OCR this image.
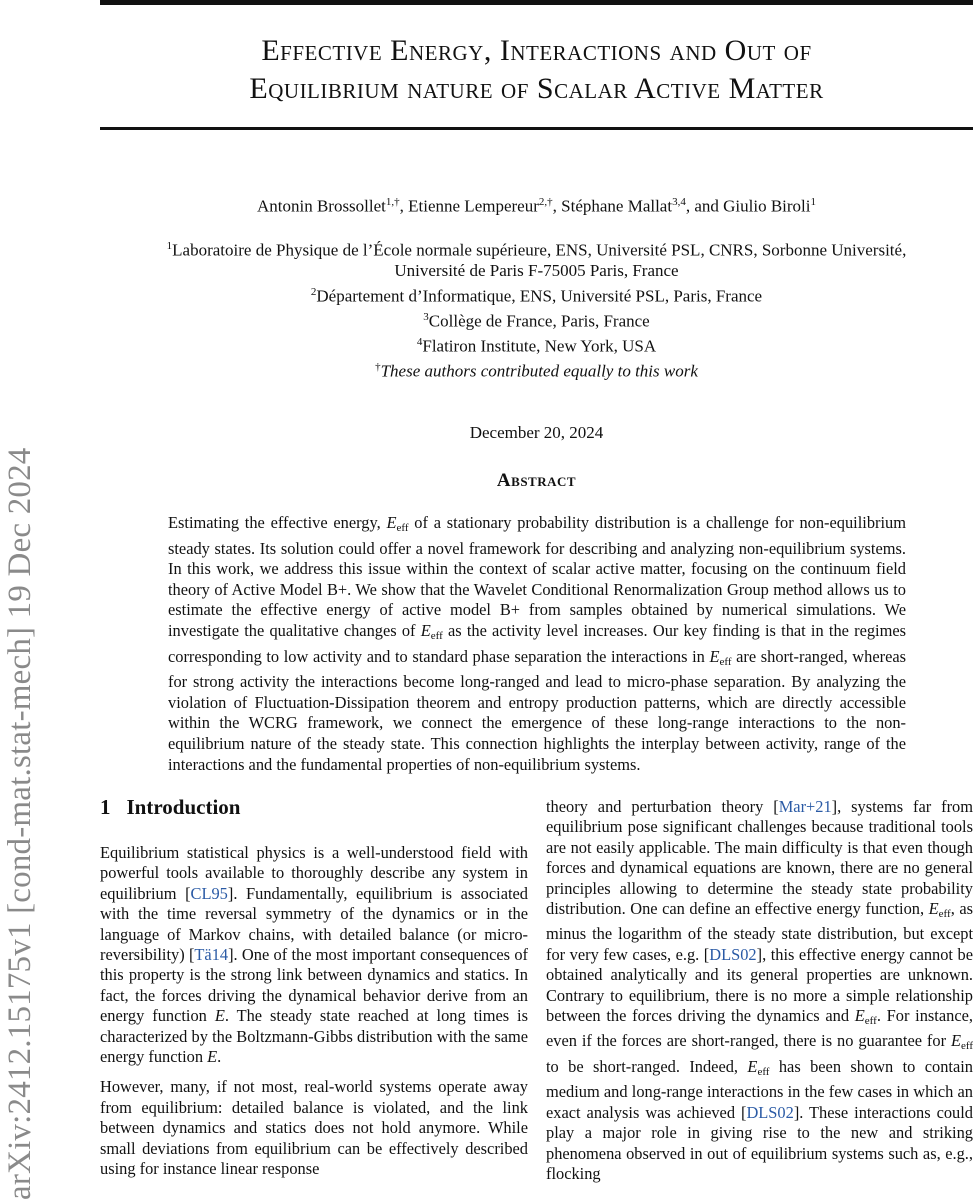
arXiv:2412.15175v1 [cond-mat.stat-mech] 19 Dec 2024
Effective Energy, Interactions and Out of
Equilibrium nature of Scalar Active Matter
Antonin Brossollet$^{1,\dagger}$, Etienne Lempereur$^{2,\dagger}$, Stéphane Mallat$^{3,4}$, and Giulio Biroli$^1$
$^1$Laboratoire de Physique de l’École normale supérieure, ENS, Université PSL, CNRS, Sorbonne Université,
Université de Paris F-75005 Paris, France
$^2$Département d’Informatique, ENS, Université PSL, Paris, France
$^3$Collège de France, Paris, France
$^4$Flatiron Institute, New York, USA
†These authors contributed equally to this work
December 20, 2024
Abstract

Estimating the effective energy, $E_{eff}$ of a stationary probability distribution is a challenge for non-equilibrium steady states. Its solution could offer a novel framework for describing and analyzing non-equilibrium systems. In this work, we address this issue within the context of scalar active matter, focusing on the continuum field theory of Active Model B+. We show that the Wavelet Conditional Renormalization Group method allows us to estimate the effective energy of active model B+ from samples obtained by numerical simulations. We investigate the qualitative changes of $E_{eff}$ as the activity level increases. Our key finding is that in the regimes corresponding to low activity and to standard phase separation the interactions in $E_{eff}$ are short-ranged, whereas for strong activity the interactions become long-ranged and lead to micro-phase separation. By analyzing the violation of Fluctuation-Dissipation theorem and entropy production patterns, which are directly accessible within the WCRG framework, we connect the emergence of these long-range interactions to the non-equilibrium nature of the steady state. This connection highlights the interplay between activity, range of the interactions and the fundamental properties of non-equilibrium systems.

1 Introduction

Equilibrium statistical physics is a well-understood field with powerful tools available to thoroughly describe any system in equilibrium [CL95]. Fundamentally, equilibrium is associated with the time reversal symmetry of the dynamics or in the language of Markov chains, with detailed balance (or micro-reversibility) [Tä14]. One of the most important consequences of this property is the strong link between dynamics and statics. In fact, the forces driving the dynamical behavior derive from an energy function E. The steady state reached at long times is characterized by the Boltzmann-Gibbs distribution with the same energy function E.

However, many, if not most, real-world systems operate away from equilibrium: detailed balance is violated, and the link between dynamics and statics does not hold anymore. While small deviations from equilibrium can be effectively described using for instance linear response

theory and perturbation theory [Mar+21], systems far from equilibrium pose significant challenges because traditional tools are not easily applicable. The main difficulty is that even though forces and dynamical equations are known, there are no general principles allowing to determine the steady state probability distribution. One can define an effective energy function, $E_{eff}$, as minus the logarithm of the steady state distribution, but except for very few cases, e.g. [DLS02], this effective energy cannot be obtained analytically and its general properties are unknown. Contrary to equilibrium, there is no more a simple relationship between the forces driving the dynamics and $E_{eff}$. For instance, even if the forces are short-ranged, there is no guarantee for $E_{eff}$ to be short-ranged. Indeed, $E_{eff}$ has been shown to contain medium and long-range interactions in the few cases in which an exact analysis was achieved [DLS02]. These interactions could play a major role in giving rise to the new and striking phenomena observed in out of equilibrium systems such as, e.g., flocking
